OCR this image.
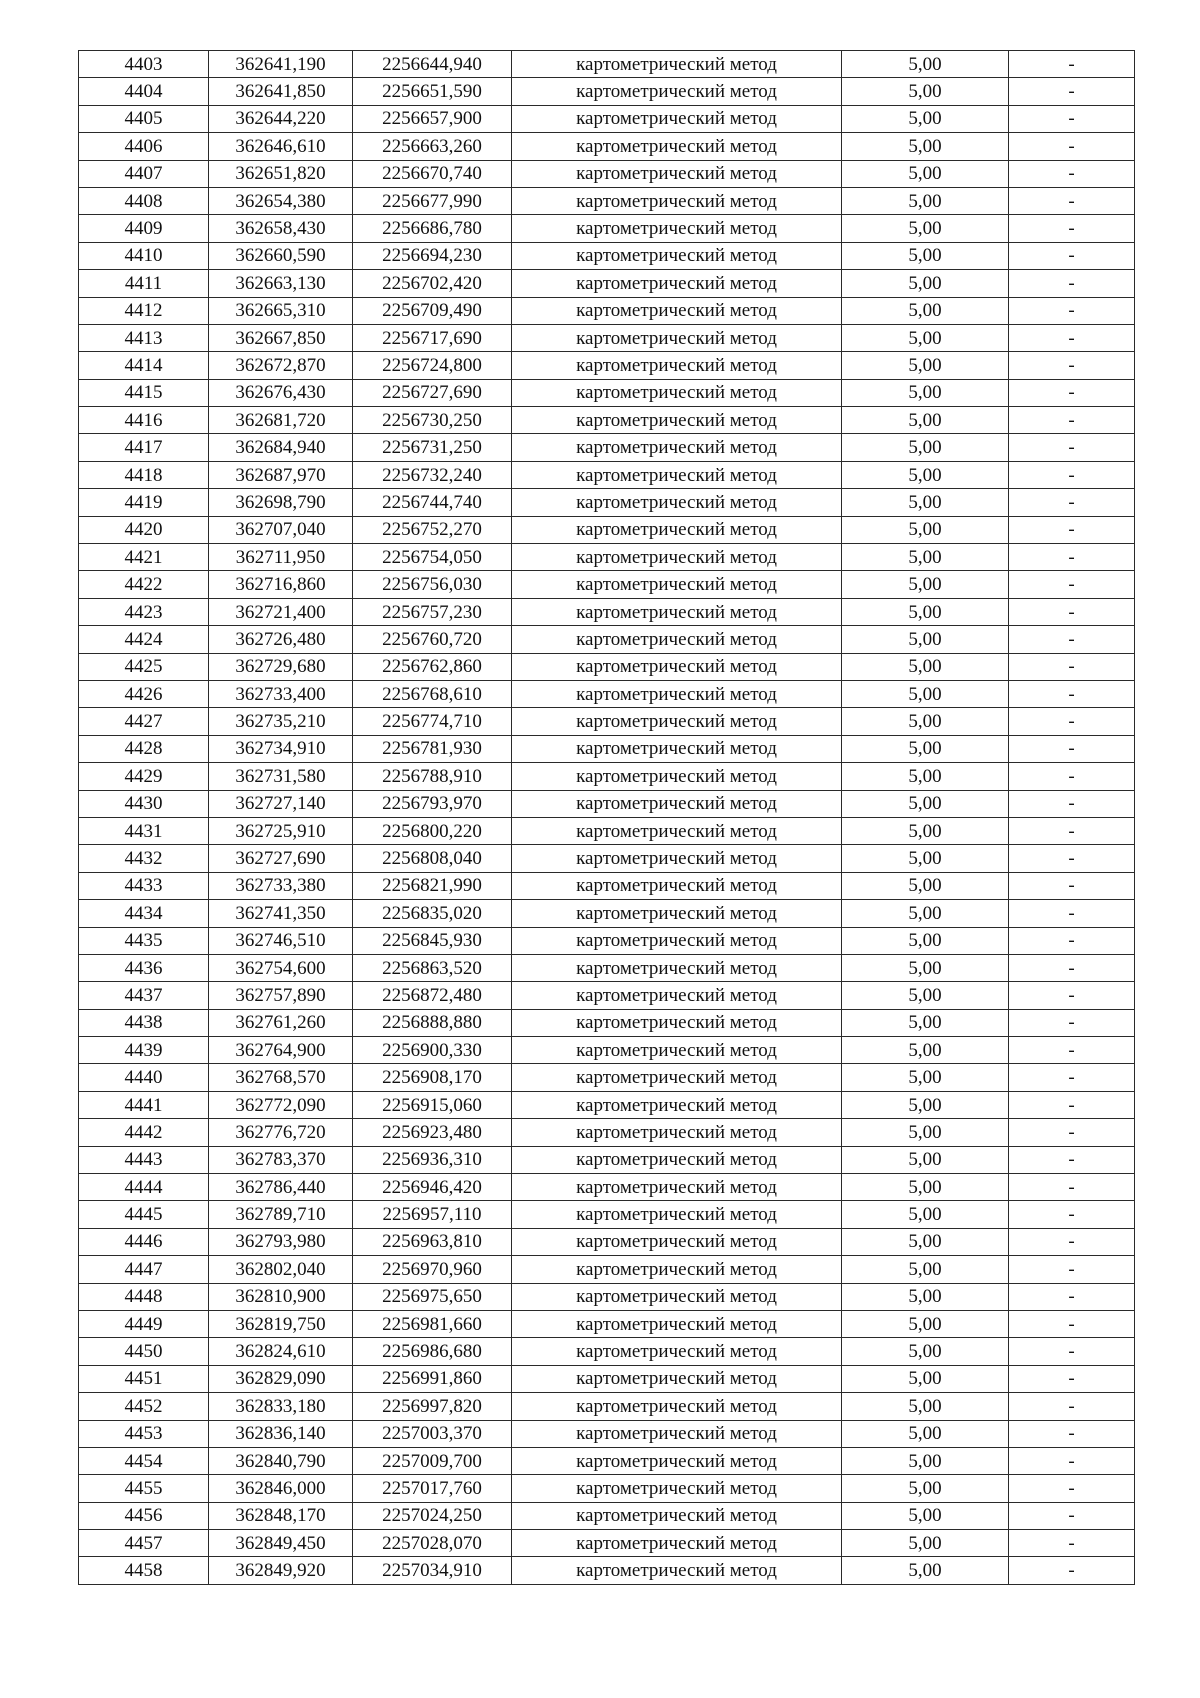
4403	362641,190	2256644,940	картометрический метод	5,00	-
4404	362641,850	2256651,590	картометрический метод	5,00	-
4405	362644,220	2256657,900	картометрический метод	5,00	-
4406	362646,610	2256663,260	картометрический метод	5,00	-
4407	362651,820	2256670,740	картометрический метод	5,00	-
4408	362654,380	2256677,990	картометрический метод	5,00	-
4409	362658,430	2256686,780	картометрический метод	5,00	-
4410	362660,590	2256694,230	картометрический метод	5,00	-
4411	362663,130	2256702,420	картометрический метод	5,00	-
4412	362665,310	2256709,490	картометрический метод	5,00	-
4413	362667,850	2256717,690	картометрический метод	5,00	-
4414	362672,870	2256724,800	картометрический метод	5,00	-
4415	362676,430	2256727,690	картометрический метод	5,00	-
4416	362681,720	2256730,250	картометрический метод	5,00	-
4417	362684,940	2256731,250	картометрический метод	5,00	-
4418	362687,970	2256732,240	картометрический метод	5,00	-
4419	362698,790	2256744,740	картометрический метод	5,00	-
4420	362707,040	2256752,270	картометрический метод	5,00	-
4421	362711,950	2256754,050	картометрический метод	5,00	-
4422	362716,860	2256756,030	картометрический метод	5,00	-
4423	362721,400	2256757,230	картометрический метод	5,00	-
4424	362726,480	2256760,720	картометрический метод	5,00	-
4425	362729,680	2256762,860	картометрический метод	5,00	-
4426	362733,400	2256768,610	картометрический метод	5,00	-
4427	362735,210	2256774,710	картометрический метод	5,00	-
4428	362734,910	2256781,930	картометрический метод	5,00	-
4429	362731,580	2256788,910	картометрический метод	5,00	-
4430	362727,140	2256793,970	картометрический метод	5,00	-
4431	362725,910	2256800,220	картометрический метод	5,00	-
4432	362727,690	2256808,040	картометрический метод	5,00	-
4433	362733,380	2256821,990	картометрический метод	5,00	-
4434	362741,350	2256835,020	картометрический метод	5,00	-
4435	362746,510	2256845,930	картометрический метод	5,00	-
4436	362754,600	2256863,520	картометрический метод	5,00	-
4437	362757,890	2256872,480	картометрический метод	5,00	-
4438	362761,260	2256888,880	картометрический метод	5,00	-
4439	362764,900	2256900,330	картометрический метод	5,00	-
4440	362768,570	2256908,170	картометрический метод	5,00	-
4441	362772,090	2256915,060	картометрический метод	5,00	-
4442	362776,720	2256923,480	картометрический метод	5,00	-
4443	362783,370	2256936,310	картометрический метод	5,00	-
4444	362786,440	2256946,420	картометрический метод	5,00	-
4445	362789,710	2256957,110	картометрический метод	5,00	-
4446	362793,980	2256963,810	картометрический метод	5,00	-
4447	362802,040	2256970,960	картометрический метод	5,00	-
4448	362810,900	2256975,650	картометрический метод	5,00	-
4449	362819,750	2256981,660	картометрический метод	5,00	-
4450	362824,610	2256986,680	картометрический метод	5,00	-
4451	362829,090	2256991,860	картометрический метод	5,00	-
4452	362833,180	2256997,820	картометрический метод	5,00	-
4453	362836,140	2257003,370	картометрический метод	5,00	-
4454	362840,790	2257009,700	картометрический метод	5,00	-
4455	362846,000	2257017,760	картометрический метод	5,00	-
4456	362848,170	2257024,250	картометрический метод	5,00	-
4457	362849,450	2257028,070	картометрический метод	5,00	-
4458	362849,920	2257034,910	картометрический метод	5,00	-
